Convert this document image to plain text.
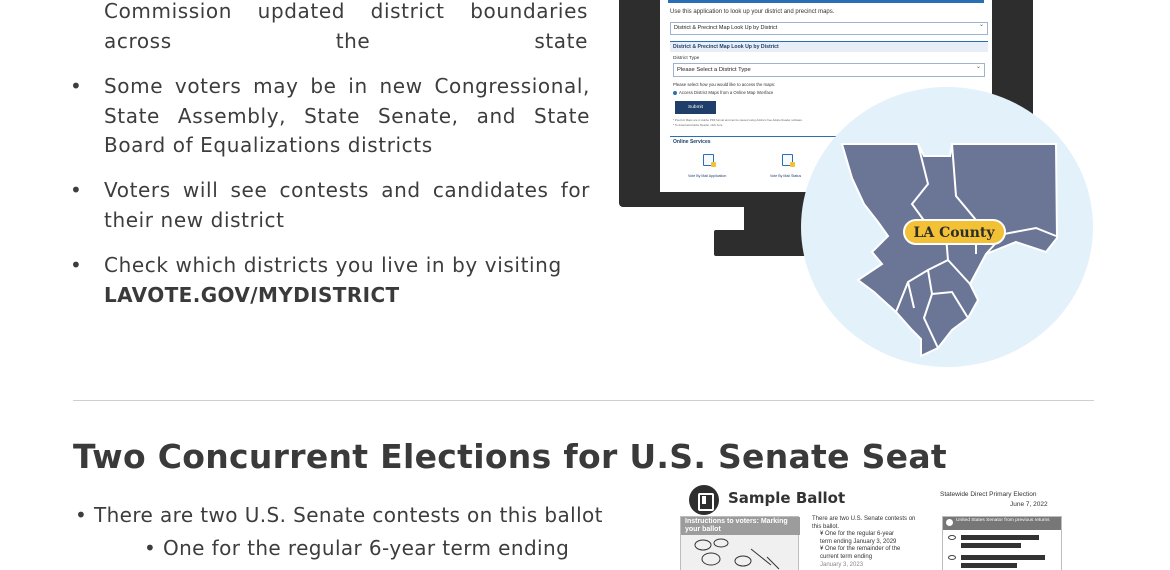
Commission updated district boundaries across the state
• Some voters may be in new Congressional, State Assembly, State Senate, and State Board of Equalizations districts
• Voters will see contests and candidates for their new district
• Check which districts you live in by visiting
LAVOTE.GOV/MYDISTRICT
Use this application to look up your district and precinct maps.
District & Precinct Map Look Up by District ⌄
District & Precinct Map Look Up by District
District Type
Please Select a District Type ⌄
Please select how you would like to access the maps:
Access District Maps from a Online Map Interface
Submit
* Precinct Maps are in Adobe PDF format and can be viewed using Adobe's free Adobe Reader software.
* To download Adobe Reader, click here
Online Services
Vote By Mail Application	Vote By Mail Status
LA County
Two Concurrent Elections for U.S. Senate Seat
• There are two U.S. Senate contests on this ballot
• One for the regular 6-year term ending
Sample Ballot	Statewide Direct Primary Election
June 7, 2022
Instructions to voters: Marking your ballot
There are two U.S. Senate contests on
this ballot.
¥ One for the regular 6-year
term ending January 3, 2029
¥ One for the remainder of the
current term ending
January 3, 2023
United States Senator from previous returns
